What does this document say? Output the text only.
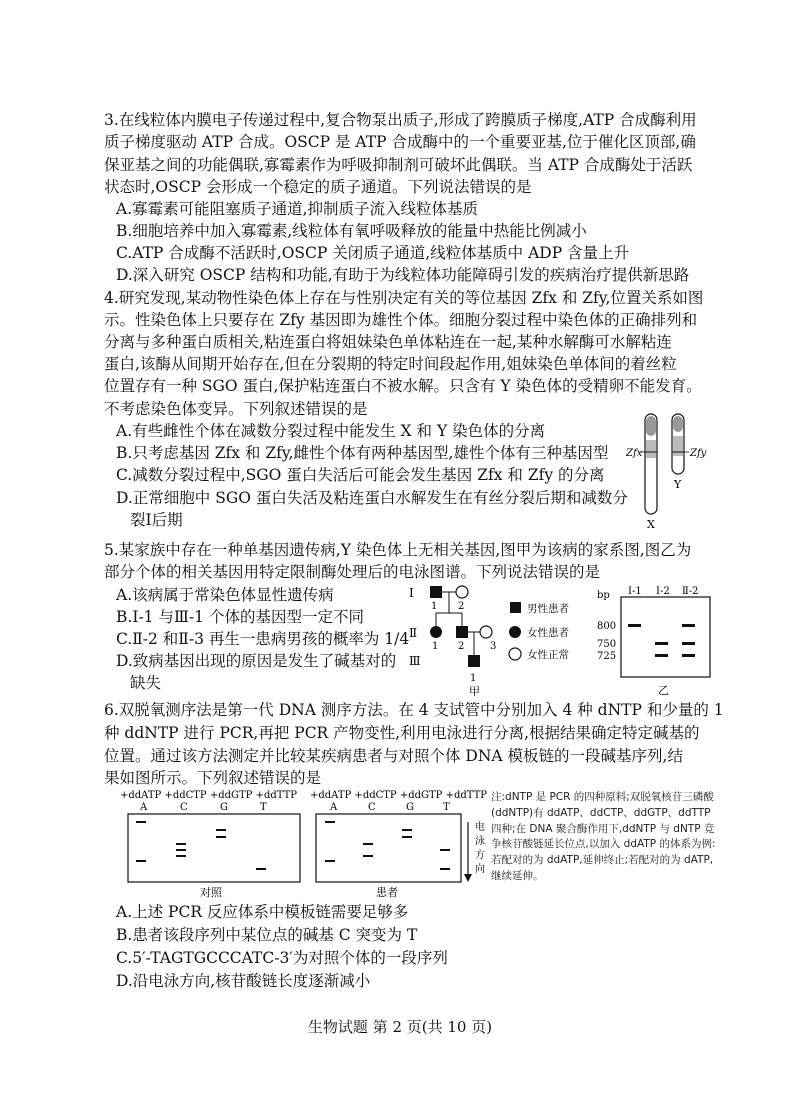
3.在线粒体内膜电子传递过程中,复合物泵出质子,形成了跨膜质子梯度,ATP 合成酶利用
质子梯度驱动 ATP 合成。OSCP 是 ATP 合成酶中的一个重要亚基,位于催化区顶部,确
保亚基之间的功能偶联,寡霉素作为呼吸抑制剂可破坏此偶联。当 ATP 合成酶处于活跃
状态时,OSCP 会形成一个稳定的质子通道。下列说法错误的是
A.寡霉素可能阻塞质子通道,抑制质子流入线粒体基质
B.细胞培养中加入寡霉素,线粒体有氧呼吸释放的能量中热能比例减小
C.ATP 合成酶不活跃时,OSCP 关闭质子通道,线粒体基质中 ADP 含量上升
D.深入研究 OSCP 结构和功能,有助于为线粒体功能障碍引发的疾病治疗提供新思路
4.研究发现,某动物性染色体上存在与性别决定有关的等位基因 Zfx 和 Zfy,位置关系如图
示。性染色体上只要存在 Zfy 基因即为雄性个体。细胞分裂过程中染色体的正确排列和
分离与多种蛋白质相关,粘连蛋白将姐妹染色单体粘连在一起,某种水解酶可水解粘连
蛋白,该酶从间期开始存在,但在分裂期的特定时间段起作用,姐妹染色单体间的着丝粒
位置存有一种 SGO 蛋白,保护粘连蛋白不被水解。只含有 Y 染色体的受精卵不能发育。
不考虑染色体变异。下列叙述错误的是
A.有些雌性个体在减数分裂过程中能发生 X 和 Y 染色体的分离
B.只考虑基因 Zfx 和 Zfy,雌性个体有两种基因型,雄性个体有三种基因型
C.减数分裂过程中,SGO 蛋白失活后可能会发生基因 Zfx 和 Zfy 的分离
D.正常细胞中 SGO 蛋白失活及粘连蛋白水解发生在有丝分裂后期和减数分
裂Ⅰ后期
Zfx	Zfy
Y
X
5.某家族中存在一种单基因遗传病,Y 染色体上无相关基因,图甲为该病的家系图,图乙为
部分个体的相关基因用特定限制酶处理后的电泳图谱。下列说法错误的是
A.该病属于常染色体显性遗传病
B.Ⅰ-1 与Ⅲ-1 个体的基因型一定不同
C.Ⅱ-2 和Ⅱ-3 再生一患病男孩的概率为 1/4
D.致病基因出现的原因是发生了碱基对的
缺失
Ⅰ
Ⅱ
Ⅲ
1 2
1 2	3
1
甲
男性患者
女性患者
女性正常
bp Ⅰ-1 Ⅰ-2 Ⅱ-2
800
750
725
乙
6.双脱氧测序法是第一代 DNA 测序方法。在 4 支试管中分别加入 4 种 dNTP 和少量的 1
种 ddNTP 进行 PCR,再把 PCR 产物变性,利用电泳进行分离,根据结果确定特定碱基的
位置。通过该方法测定并比较某疾病患者与对照个体 DNA 模板链的一段碱基序列,结
果如图所示。下列叙述错误的是
+ddATP +ddCTP +ddGTP +ddTTP +ddATP +ddCTP +ddGTP +ddTTP
A	C	G	T	A	C	G	T
电
泳
方
向
对照	患者
注:dNTP 是 PCR 的四种原料;双脱氧核苷三磷酸(ddNTP)有 ddATP、ddCTP、ddGTP、ddTTP 四种;在 DNA 聚合酶作用下,ddNTP 与 dNTP 竞争核苷酸链延长位点,以加入 ddATP 的体系为例:若配对的为 ddATP,延伸终止;若配对的为 dATP,继续延伸。
A.上述 PCR 反应体系中模板链需要足够多
B.患者该段序列中某位点的碱基 C 突变为 T
C.5′-TAGTGCCCATC-3′为对照个体的一段序列
D.沿电泳方向,核苷酸链长度逐渐减小
生物试题 第 2 页(共 10 页)
